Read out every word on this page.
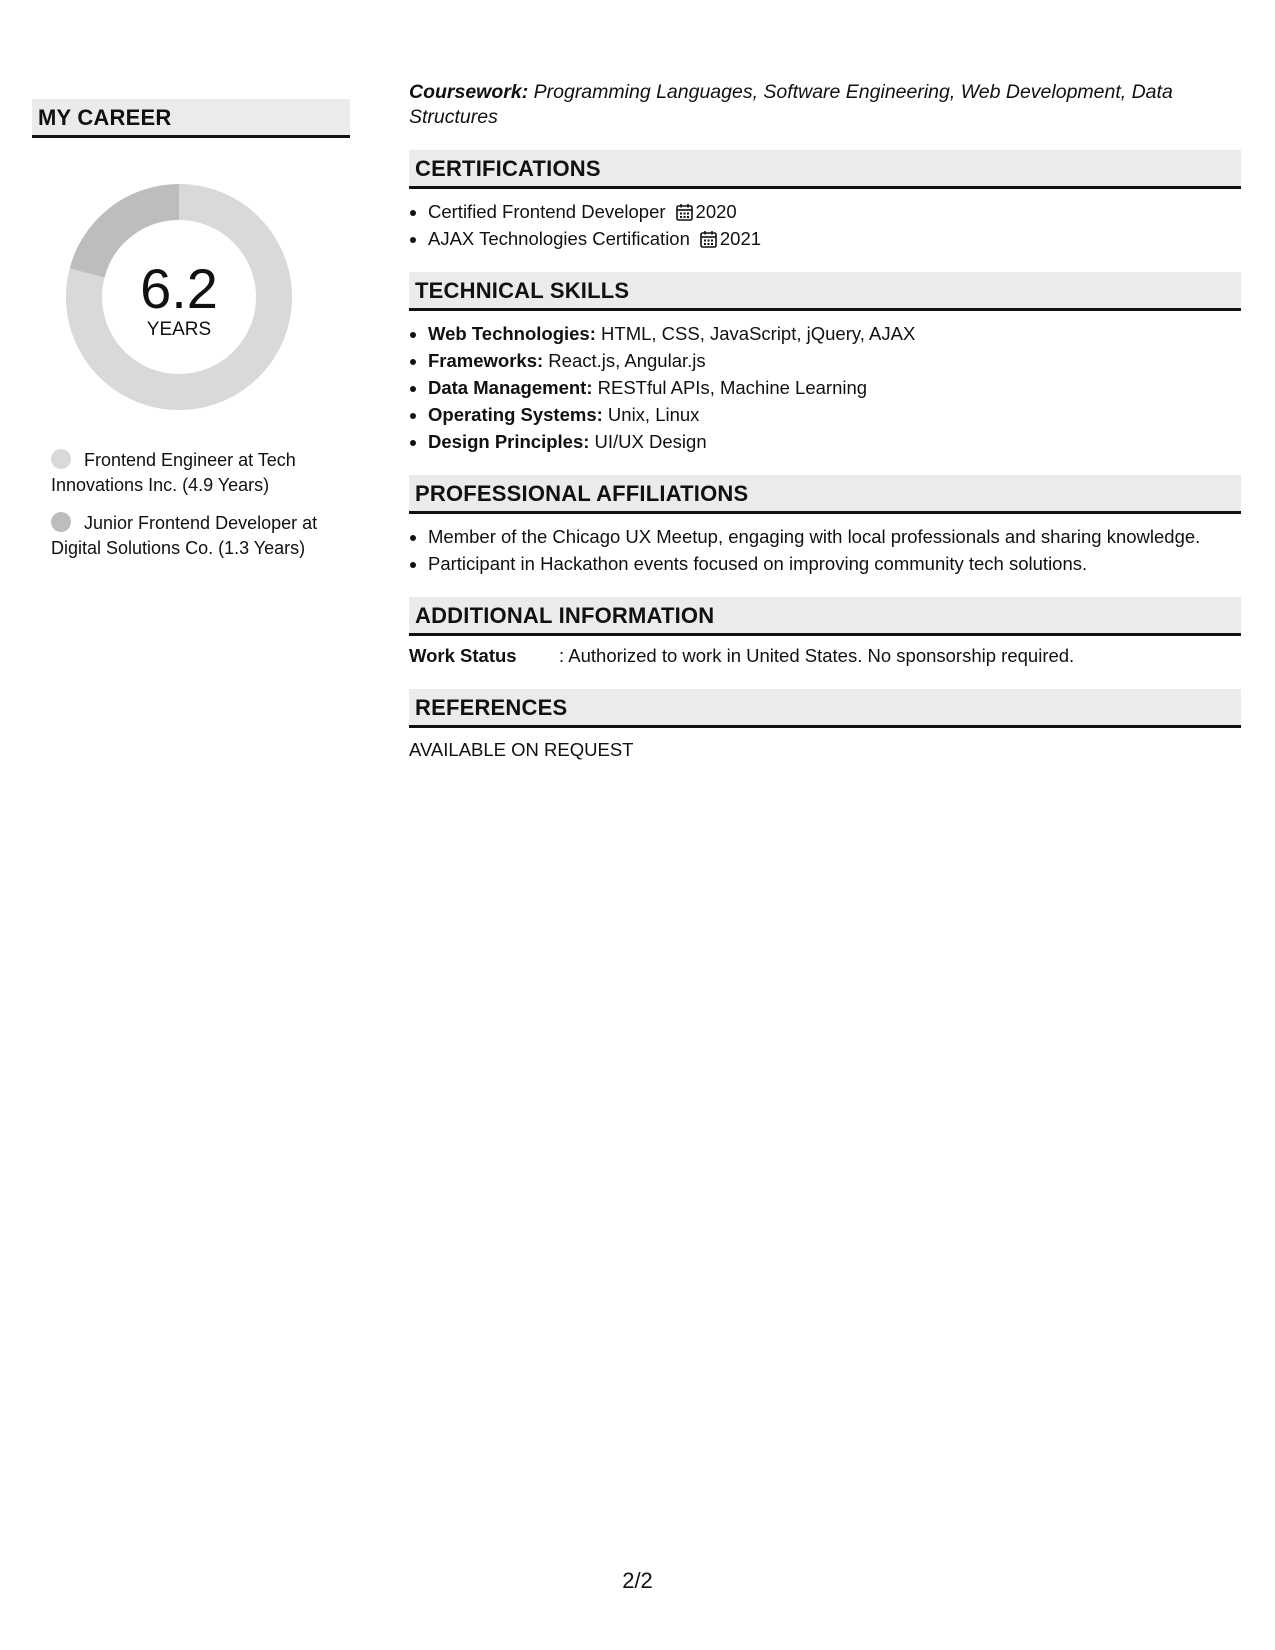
MY CAREER
6.2
YEARS
Frontend Engineer at Tech Innovations Inc. (4.9 Years)
Junior Frontend Developer at Digital Solutions Co. (1.3 Years)
Coursework: Programming Languages, Software Engineering, Web Development, Data Structures
CERTIFICATIONS
• Certified Frontend Developer 2020
• AJAX Technologies Certification 2021
TECHNICAL SKILLS
• Web Technologies: HTML, CSS, JavaScript, jQuery, AJAX
• Frameworks: React.js, Angular.js
• Data Management: RESTful APIs, Machine Learning
• Operating Systems: Unix, Linux
• Design Principles: UI/UX Design
PROFESSIONAL AFFILIATIONS
• Member of the Chicago UX Meetup, engaging with local professionals and sharing knowledge.
• Participant in Hackathon events focused on improving community tech solutions.
ADDITIONAL INFORMATION
Work Status : Authorized to work in United States. No sponsorship required.
REFERENCES
AVAILABLE ON REQUEST
2/2
